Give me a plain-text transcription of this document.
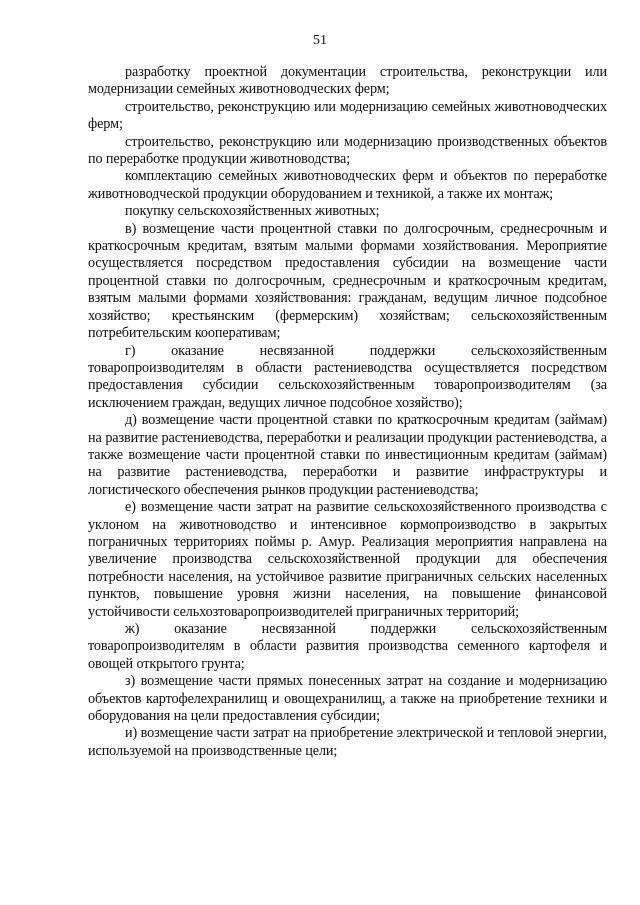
51

разработку проектной документации строительства, реконструкции или модернизации семейных животноводческих ферм;

строительство, реконструкцию или модернизацию семейных животноводческих ферм;

строительство, реконструкцию или модернизацию производственных объектов по переработке продукции животноводства;

комплектацию семейных животноводческих ферм и объектов по переработке животноводческой продукции оборудованием и техникой, а также их монтаж;

покупку сельскохозяйственных животных;

в) возмещение части процентной ставки по долгосрочным, среднесрочным и краткосрочным кредитам, взятым малыми формами хозяйствования. Мероприятие осуществляется посредством предоставления субсидии на возмещение части процентной ставки по долгосрочным, среднесрочным и краткосрочным кредитам, взятым малыми формами хозяйствования: гражданам, ведущим личное подсобное хозяйство; крестьянским (фермерским) хозяйствам; сельскохозяйственным потребительским кооперативам;

г) оказание несвязанной поддержки сельскохозяйственным товаропроизводителям в области растениеводства осуществляется посредством предоставления субсидии сельскохозяйственным товаропроизводителям (за исключением граждан, ведущих личное подсобное хозяйство);

д) возмещение части процентной ставки по краткосрочным кредитам (займам) на развитие растениеводства, переработки и реализации продукции растениеводства, а также возмещение части процентной ставки по инвестиционным кредитам (займам) на развитие растениеводства, переработки и развитие инфраструктуры и логистического обеспечения рынков продукции растениеводства;

е) возмещение части затрат на развитие сельскохозяйственного производства с уклоном на животноводство и интенсивное кормопроизводство в закрытых пограничных территориях поймы р. Амур. Реализация мероприятия направлена на увеличение производства сельскохозяйственной продукции для обеспечения потребности населения, на устойчивое развитие приграничных сельских населенных пунктов, повышение уровня жизни населения, на повышение финансовой устойчивости сельхозтоваропроизводителей приграничных территорий;

ж) оказание несвязанной поддержки сельскохозяйственным товаропроизводителям в области развития производства семенного картофеля и овощей открытого грунта;

з) возмещение части прямых понесенных затрат на создание и модернизацию объектов картофелехранилищ и овощехранилищ, а также на приобретение техники и оборудования на цели предоставления субсидии;

и) возмещение части затрат на приобретение электрической и тепловой энергии, используемой на производственные цели;
